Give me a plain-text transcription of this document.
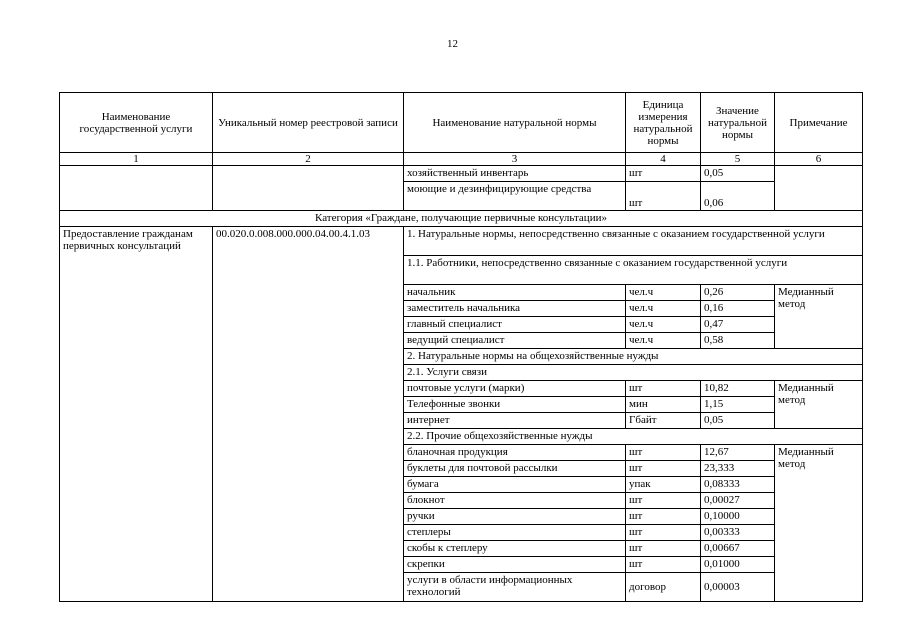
12
Наименование государственной услуги	Уникальный номер реестровой записи	Наименование натуральной нормы	Единица измерения натуральной нормы	Значение натуральной нормы	Примечание
1	2	3	4	5	6
		хозяйственный инвентарь	шт	0,05	
		моющие и дезинфицирующие средства	шт	0,06	
Категория «Граждане, получающие первичные консультации»					
Предоставление гражданам первичных консультаций	00.020.0.008.000.000.04.00.4.1.03	1. Натуральные нормы, непосредственно связанные с оказанием государственной услуги			
		1.1. Работники, непосредственно связанные с оказанием государственной услуги			
		начальник	чел.ч	0,26	Медианный метод
		заместитель начальника	чел.ч	0,16	
		главный специалист	чел.ч	0,47	
		ведущий специалист	чел.ч	0,58	
		2. Натуральные нормы на общехозяйственные нужды			
		2.1. Услуги связи			
		почтовые услуги (марки)	шт	10,82	Медианный метод
		Телефонные звонки	мин	1,15	
		интернет	Гбайт	0,05	
		2.2. Прочие общехозяйственные нужды			
		бланочная продукция	шт	12,67	Медианный метод
		буклеты для почтовой рассылки	шт	23,333	
		бумага	упак	0,08333	
		блокнот	шт	0,00027	
		ручки	шт	0,10000	
		степлеры	шт	0,00333	
		скобы к степлеру	шт	0,00667	
		скрепки	шт	0,01000	
		услуги в области информационных технологий	договор	0,00003	
